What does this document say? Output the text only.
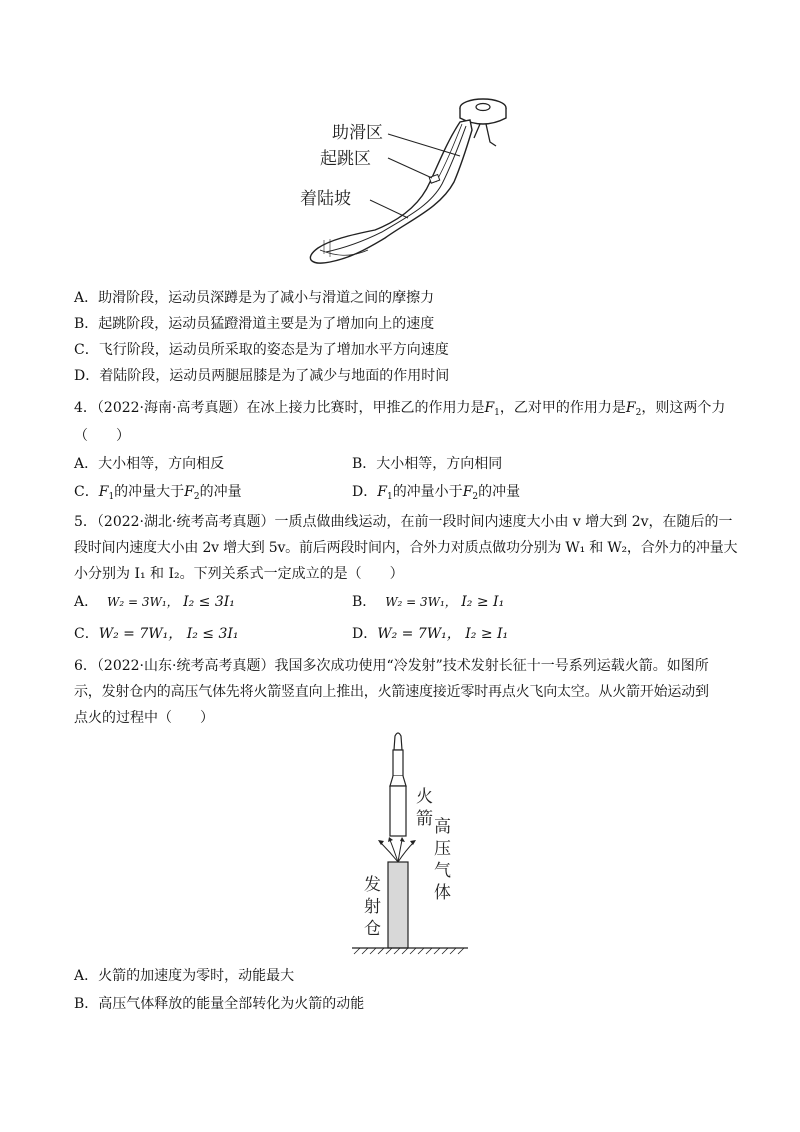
助滑区
起跳区
着陆坡
A．助滑阶段，运动员深蹲是为了减小与滑道之间的摩擦力
B．起跳阶段，运动员猛蹬滑道主要是为了增加向上的速度
C．飞行阶段，运动员所采取的姿态是为了增加水平方向速度
D．着陆阶段，运动员两腿屈膝是为了减少与地面的作用时间
4．（2022·海南·高考真题）在冰上接力比赛时，甲推乙的作用力是$F_1$，乙对甲的作用力是$F_2$，则这两个力
（　　）
A．大小相等，方向相反	B．大小相等，方向相同
C．$F_1$的冲量大于$F_2$的冲量	D．$F_1$的冲量小于$F_2$的冲量
5．（2022·湖北·统考高考真题）一质点做曲线运动，在前一段时间内速度大小由 v 增大到 2v，在随后的一
段时间内速度大小由 2v 增大到 5v。前后两段时间内，合外力对质点做功分别为 W₁ 和 W₂，合外力的冲量大
小分别为 I₁ 和 I₂。下列关系式一定成立的是（　　）
A． W₂ = 3W₁， I₂ ≤ 3I₁	B． W₂ = 3W₁， I₂ ≥ I₁
C．W₂ = 7W₁， I₂ ≤ 3I₁	D．W₂ = 7W₁， I₂ ≥ I₁
6．（2022·山东·统考高考真题）我国多次成功使用“冷发射”技术发射长征十一号系列运载火箭。如图所
示，发射仓内的高压气体先将火箭竖直向上推出，火箭速度接近零时再点火飞向太空。从火箭开始运动到
点火的过程中（　　）
火
箭 高
压
气
体
发
射
仓
A．火箭的加速度为零时，动能最大
B．高压气体释放的能量全部转化为火箭的动能
